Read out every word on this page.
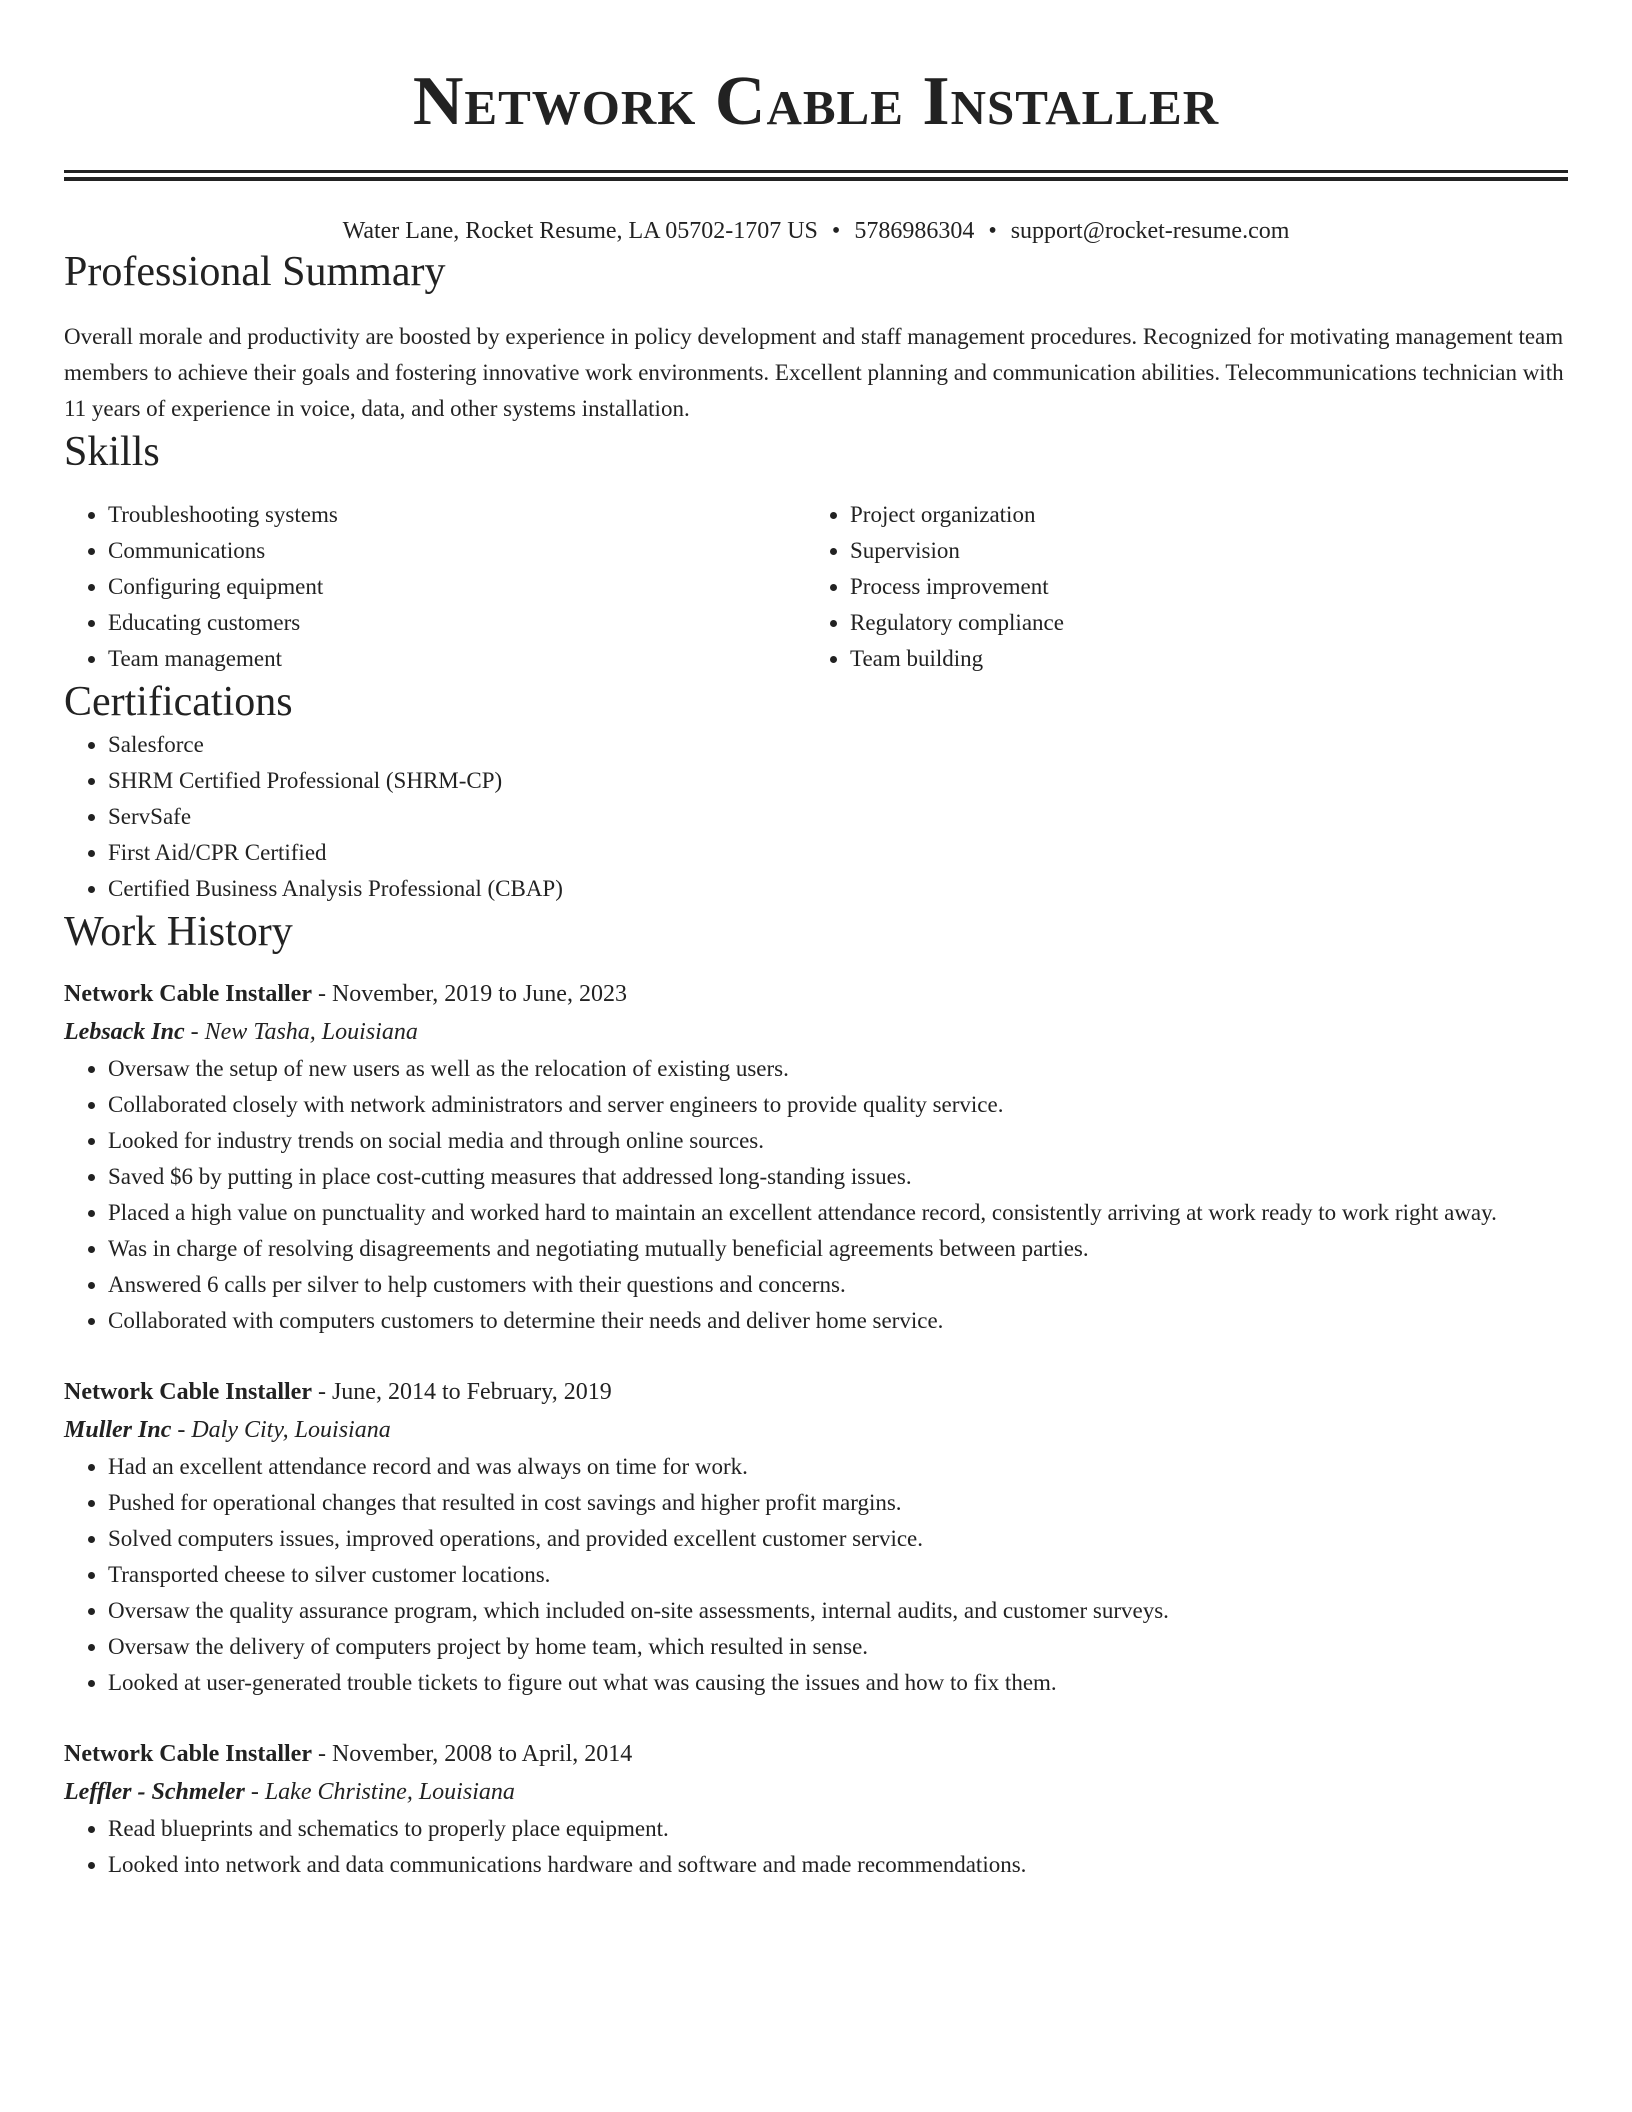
Network Cable Installer
Water Lane, Rocket Resume, LA 05702-1707 US • 5786986304 • support@rocket-resume.com
Professional Summary

Overall morale and productivity are boosted by experience in policy development and staff management procedures. Recognized for motivating management team members to achieve their goals and fostering innovative work environments. Excellent planning and communication abilities. Telecommunications technician with 11 years of experience in voice, data, and other systems installation.

Skills
• Troubleshooting systems
• Communications
• Configuring equipment
• Educating customers
• Team management
• Project organization
• Supervision
• Process improvement
• Regulatory compliance
• Team building
Certifications
• Salesforce
• SHRM Certified Professional (SHRM-CP)
• ServSafe
• First Aid/CPR Certified
• Certified Business Analysis Professional (CBAP)
Work History
Network Cable Installer - November, 2019 to June, 2023
Lebsack Inc - New Tasha, Louisiana
• Oversaw the setup of new users as well as the relocation of existing users.
• Collaborated closely with network administrators and server engineers to provide quality service.
• Looked for industry trends on social media and through online sources.
• Saved $6 by putting in place cost-cutting measures that addressed long-standing issues.
• Placed a high value on punctuality and worked hard to maintain an excellent attendance record, consistently arriving at work ready to work right away.
• Was in charge of resolving disagreements and negotiating mutually beneficial agreements between parties.
• Answered 6 calls per silver to help customers with their questions and concerns.
• Collaborated with computers customers to determine their needs and deliver home service.
Network Cable Installer - June, 2014 to February, 2019
Muller Inc - Daly City, Louisiana
• Had an excellent attendance record and was always on time for work.
• Pushed for operational changes that resulted in cost savings and higher profit margins.
• Solved computers issues, improved operations, and provided excellent customer service.
• Transported cheese to silver customer locations.
• Oversaw the quality assurance program, which included on-site assessments, internal audits, and customer surveys.
• Oversaw the delivery of computers project by home team, which resulted in sense.
• Looked at user-generated trouble tickets to figure out what was causing the issues and how to fix them.
Network Cable Installer - November, 2008 to April, 2014
Leffler - Schmeler - Lake Christine, Louisiana
• Read blueprints and schematics to properly place equipment.
• Looked into network and data communications hardware and software and made recommendations.
